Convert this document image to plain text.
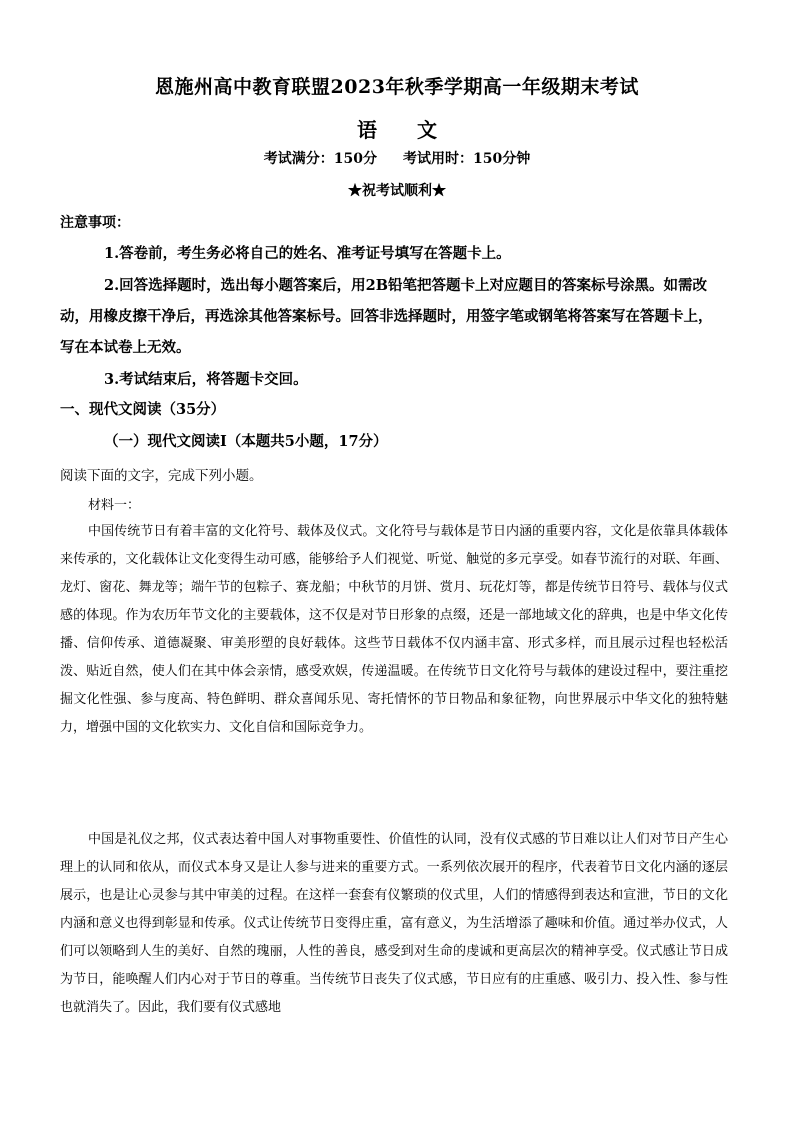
恩施州高中教育联盟2023年秋季学期高一年级期末考试
语 文
考试满分：150分 考试用时：150分钟
★祝考试顺利★
注意事项：
1.答卷前，考生务必将自己的姓名、准考证号填写在答题卡上。
2.回答选择题时，选出每小题答案后，用2B铅笔把答题卡上对应题目的答案标号涂黑。如需改动，用橡皮擦干净后，再选涂其他答案标号。回答非选择题时，用签字笔或钢笔将答案写在答题卡上，写在本试卷上无效。
3.考试结束后，将答题卡交回。
一、现代文阅读（35分）
（一）现代文阅读Ⅰ（本题共5小题，17分）
阅读下面的文字，完成下列小题。
材料一：
中国传统节日有着丰富的文化符号、载体及仪式。文化符号与载体是节日内涵的重要内容，文化是依靠具体载体来传承的，文化载体让文化变得生动可感，能够给予人们视觉、听觉、触觉的多元享受。如春节流行的对联、年画、龙灯、窗花、舞龙等；端午节的包粽子、赛龙船；中秋节的月饼、赏月、玩花灯等，都是传统节日符号、载体与仪式感的体现。作为农历年节文化的主要载体，这不仅是对节日形象的点缀，还是一部地域文化的辞典，也是中华文化传播、信仰传承、道德凝聚、审美形塑的良好载体。这些节日载体不仅内涵丰富、形式多样，而且展示过程也轻松活泼、贴近自然，使人们在其中体会亲情，感受欢娱，传递温暖。在传统节日文化符号与载体的建设过程中，要注重挖掘文化性强、参与度高、特色鲜明、群众喜闻乐见、寄托情怀的节日物品和象征物，向世界展示中华文化的独特魅力，增强中国的文化软实力、文化自信和国际竞争力。
中国是礼仪之邦，仪式表达着中国人对事物重要性、价值性的认同，没有仪式感的节日难以让人们对节日产生心理上的认同和依从，而仪式本身又是让人参与进来的重要方式。一系列依次展开的程序，代表着节日文化内涵的逐层展示，也是让心灵参与其中审美的过程。在这样一套套有仪繁琐的仪式里，人们的情感得到表达和宣泄，节日的文化内涵和意义也得到彰显和传承。仪式让传统节日变得庄重，富有意义，为生活增添了趣味和价值。通过举办仪式，人们可以领略到人生的美好、自然的瑰丽，人性的善良，感受到对生命的虔诚和更高层次的精神享受。仪式感让节日成为节日，能唤醒人们内心对于节日的尊重。当传统节日丧失了仪式感，节日应有的庄重感、吸引力、投入性、参与性也就消失了。因此，我们要有仪式感地
